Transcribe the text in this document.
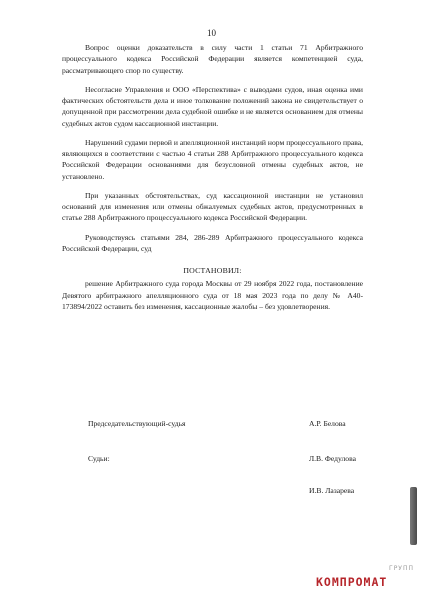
10

Вопрос оценки доказательств в силу части 1 статьи 71 Арбитражного процессуального кодекса Российской Федерации является компетенцией суда, рассматривающего спор по существу.

Несогласие Управления и ООО «Перспектива» с выводами судов, иная оценка ими фактических обстоятельств дела и иное толкование положений закона не свидетельствует о допущенной при рассмотрении дела судебной ошибке и не является основанием для отмены судебных актов судом кассационной инстанции.

Нарушений судами первой и апелляционной инстанций норм процессуального права, являющихся в соответствии с частью 4 статьи 288 Арбитражного процессуального кодекса Российской Федерации основаниями для безусловной отмены судебных актов, не установлено.

При указанных обстоятельствах, суд кассационной инстанции не установил оснований для изменения или отмены обжалуемых судебных актов, предусмотренных в статье 288 Арбитражного процессуального кодекса Российской Федерации.

Руководствуясь статьями 284, 286-289 Арбитражного процессуального кодекса Российской Федерации, суд

ПОСТАНОВИЛ:

решение Арбитражного суда города Москвы от 29 ноября 2022 года, постановление Девятого арбитражного апелляционного суда от 18 мая 2023 года по делу № А40-173894/2022 оставить без изменения, кассационные жалобы – без удовлетворения.

Председательствующий-судья	А.Р. Белова
Судьи:	Л.В. Федулова
И.В. Лазарева
ГРУПП
КОМПРОМАТ
